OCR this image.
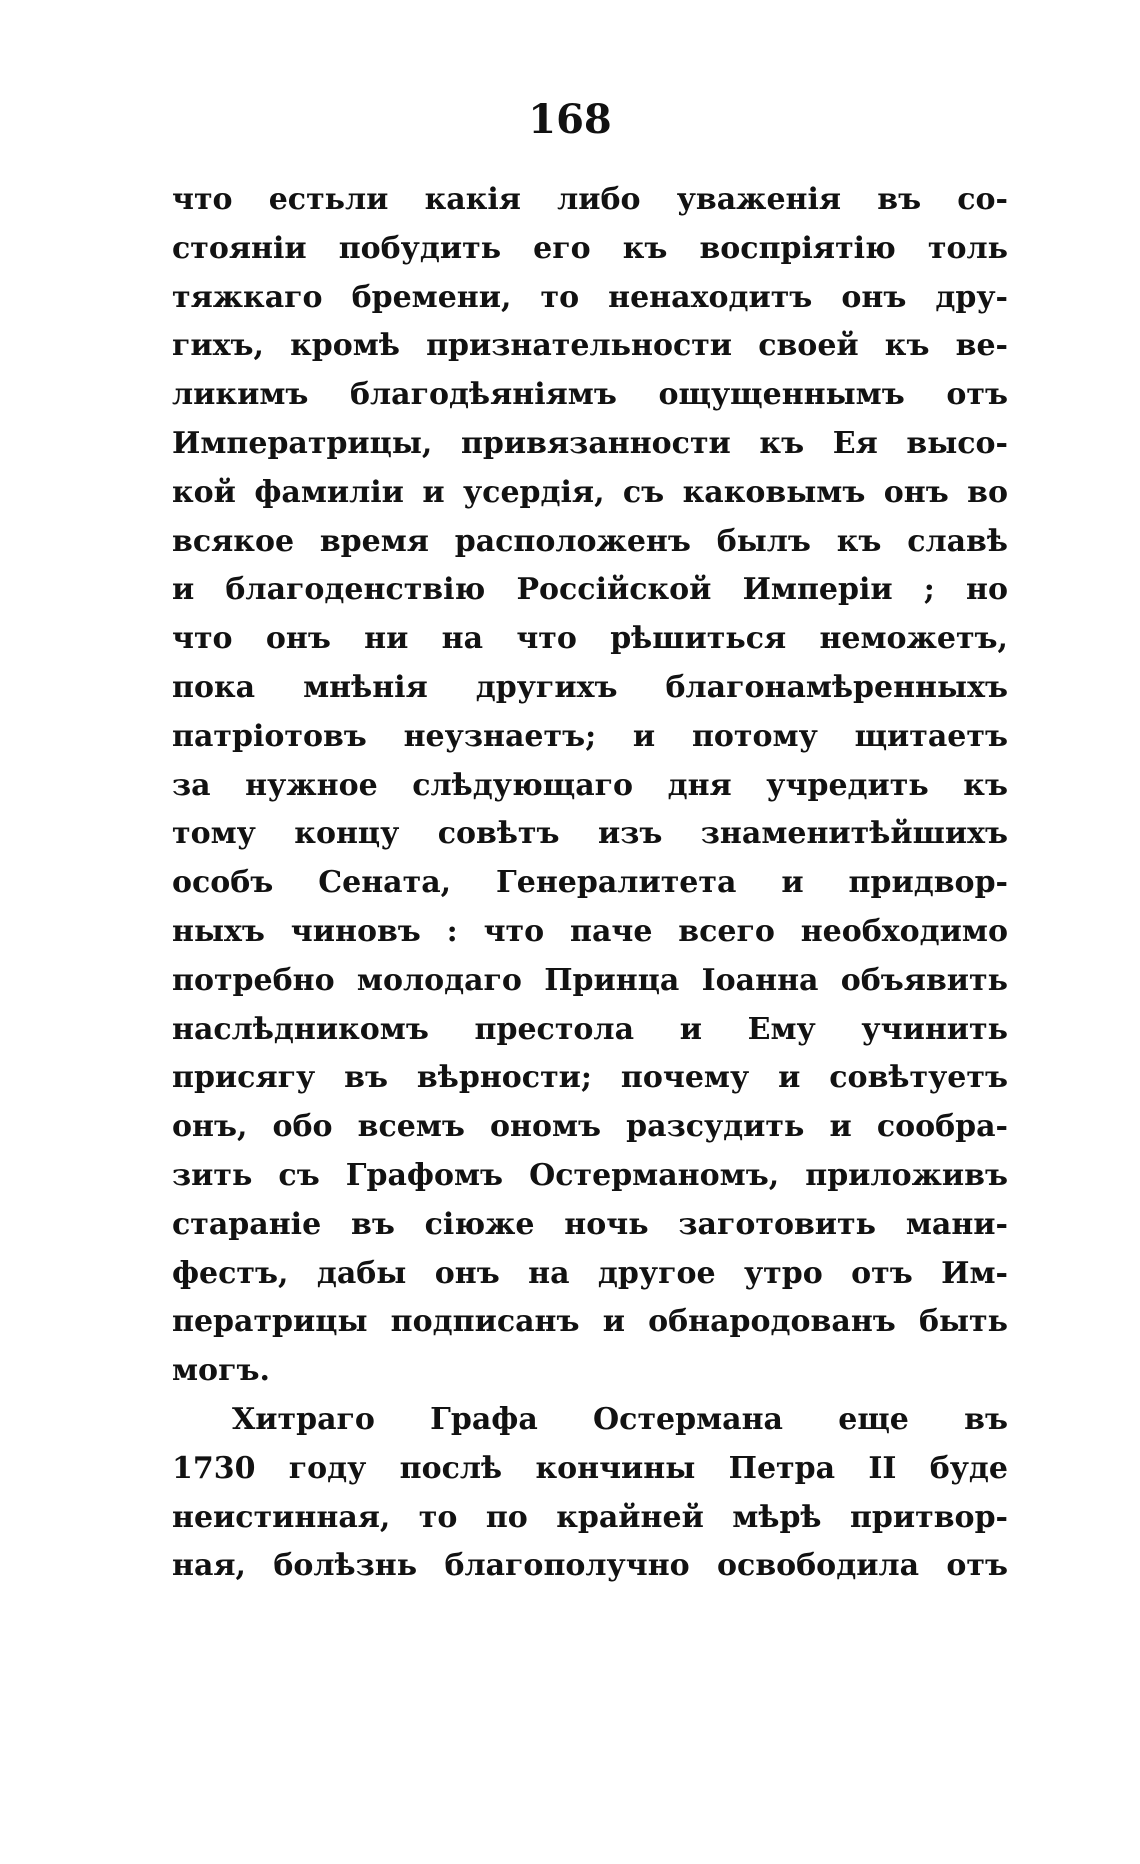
168
что естьли какія либо уваженія въ со-
стояніи побудить его къ воспріятію толь
тяжкаго бремени, то ненаходитъ онъ дру-
гихъ, кромѣ признательности своей къ ве-
ликимъ благодѣяніямъ ощущеннымъ отъ
Императрицы, привязанности къ Ея высо-
кой фамиліи и усердія, съ каковымъ онъ во
всякое время расположенъ былъ къ славѣ
и благоденствію Россійской Имперіи ; но
что онъ ни на что рѣшиться неможетъ,
пока мнѣнія другихъ благонамѣренныхъ
патріотовъ неузнаетъ; и потому щитаетъ
за нужное слѣдующаго дня учредить къ
тому концу совѣтъ изъ знаменитѣйшихъ
особъ Сената, Генералитета и придвор-
ныхъ чиновъ : что паче всего необходимо
потребно молодаго Принца Іоанна объявить
наслѣдникомъ престола и Ему учинить
присягу въ вѣрности; почему и совѣтуетъ
онъ, обо всемъ ономъ разсудить и сообра-
зить съ Графомъ Остерманомъ, приложивъ
стараніе въ сіюже ночь заготовить мани-
фестъ, дабы онъ на другое утро отъ Им-
ператрицы подписанъ и обнародованъ быть
могъ.
Хитраго Графа Остермана еще въ
1730 году послѣ кончины Петра II буде
неистинная, то по крайней мѣрѣ притвор-
ная, болѣзнь благополучно освободила отъ
